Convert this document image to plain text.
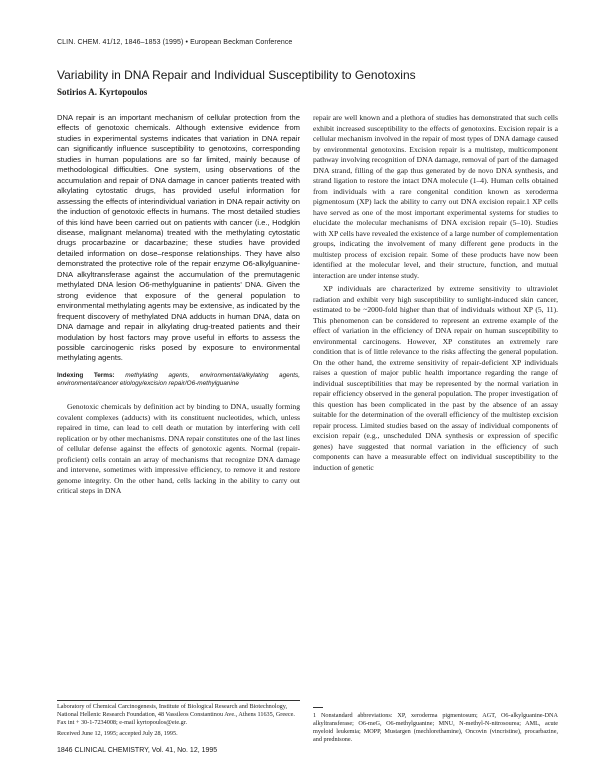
CLIN. CHEM. 41/12, 1846–1853 (1995) • European Beckman Conference
Variability in DNA Repair and Individual Susceptibility to Genotoxins
Sotirios A. Kyrtopoulos

DNA repair is an important mechanism of cellular protection from the effects of genotoxic chemicals. Although extensive evidence from studies in experimental systems indicates that variation in DNA repair can significantly influence susceptibility to genotoxins, corresponding studies in human populations are so far limited, mainly because of methodological difficulties. One system, using observations of the accumulation and repair of DNA damage in cancer patients treated with alkylating cytostatic drugs, has provided useful information for assessing the effects of interindividual variation in DNA repair activity on the induction of genotoxic effects in humans. The most detailed studies of this kind have been carried out on patients with cancer (i.e., Hodgkin disease, malignant melanoma) treated with the methylating cytostatic drugs procarbazine or dacarbazine; these studies have provided detailed information on dose–response relationships. They have also demonstrated the protective role of the repair enzyme O6-alkylguanine-DNA alkyltransferase against the accumulation of the premutagenic methylated DNA lesion O6-methylguanine in patients' DNA. Given the strong evidence that exposure of the general population to environmental methylating agents may be extensive, as indicated by the frequent discovery of methylated DNA adducts in human DNA, data on DNA damage and repair in alkylating drug-treated patients and their modulation by host factors may prove useful in efforts to assess the possible carcinogenic risks posed by exposure to environmental methylating agents.

Indexing Terms: methylating agents, environmental/alkylating agents, environmental/cancer etiology/excision repair/O6-methylguanine

Genotoxic chemicals by definition act by binding to DNA, usually forming covalent complexes (adducts) with its constituent nucleotides, which, unless repaired in time, can lead to cell death or mutation by interfering with cell replication or by other mechanisms. DNA repair constitutes one of the last lines of cellular defense against the effects of genotoxic agents. Normal (repair-proficient) cells contain an array of mechanisms that recognize DNA damage and intervene, sometimes with impressive efficiency, to remove it and restore genome integrity. On the other hand, cells lacking in the ability to carry out critical steps in DNA

repair are well known and a plethora of studies has demonstrated that such cells exhibit increased susceptibility to the effects of genotoxins. Excision repair is a cellular mechanism involved in the repair of most types of DNA damage caused by environmental genotoxins. Excision repair is a multistep, multicomponent pathway involving recognition of DNA damage, removal of part of the damaged DNA strand, filling of the gap thus generated by de novo DNA synthesis, and strand ligation to restore the intact DNA molecule (1–4). Human cells obtained from individuals with a rare congenital condition known as xeroderma pigmentosum (XP) lack the ability to carry out DNA excision repair.1 XP cells have served as one of the most important experimental systems for studies to elucidate the molecular mechanisms of DNA excision repair (5–10). Studies with XP cells have revealed the existence of a large number of complementation groups, indicating the involvement of many different gene products in the multistep process of excision repair. Some of these products have now been identified at the molecular level, and their structure, function, and mutual interaction are under intense study.

XP individuals are characterized by extreme sensitivity to ultraviolet radiation and exhibit very high susceptibility to sunlight-induced skin cancer, estimated to be ~2000-fold higher than that of individuals without XP (5, 11). This phenomenon can be considered to represent an extreme example of the effect of variation in the efficiency of DNA repair on human susceptibility to environmental carcinogens. However, XP constitutes an extremely rare condition that is of little relevance to the risks affecting the general population. On the other hand, the extreme sensitivity of repair-deficient XP individuals raises a question of major public health importance regarding the range of individual susceptibilities that may be represented by the normal variation in repair efficiency observed in the general population. The proper investigation of this question has been complicated in the past by the absence of an assay suitable for the determination of the overall efficiency of the multistep excision repair process. Limited studies based on the assay of individual components of excision repair (e.g., unscheduled DNA synthesis or expression of specific genes) have suggested that normal variation in the efficiency of such components can have a measurable effect on individual susceptibility to the induction of genetic

Laboratory of Chemical Carcinogenesis, Institute of Biological Research and Biotechnology, National Hellenic Research Foundation, 48 Vassileos Constantinou Ave., Athens 11635, Greece. Fax int + 30-1-7234008; e-mail kyrtopoulos@eie.gr.

Received June 12, 1995; accepted July 28, 1995.

1 Nonstandard abbreviations: XP, xeroderma pigmentosum; AGT, O6-alkylguanine-DNA alkyltransferase; O6-meG, O6-methylguanine; MNU, N-methyl-N-nitrosourea; AML, acute myeloid leukemia; MOPP, Mustargen (mechlorethamine), Oncovin (vincristine), procarbazine, and prednisone.

1846 CLINICAL CHEMISTRY, Vol. 41, No. 12, 1995
